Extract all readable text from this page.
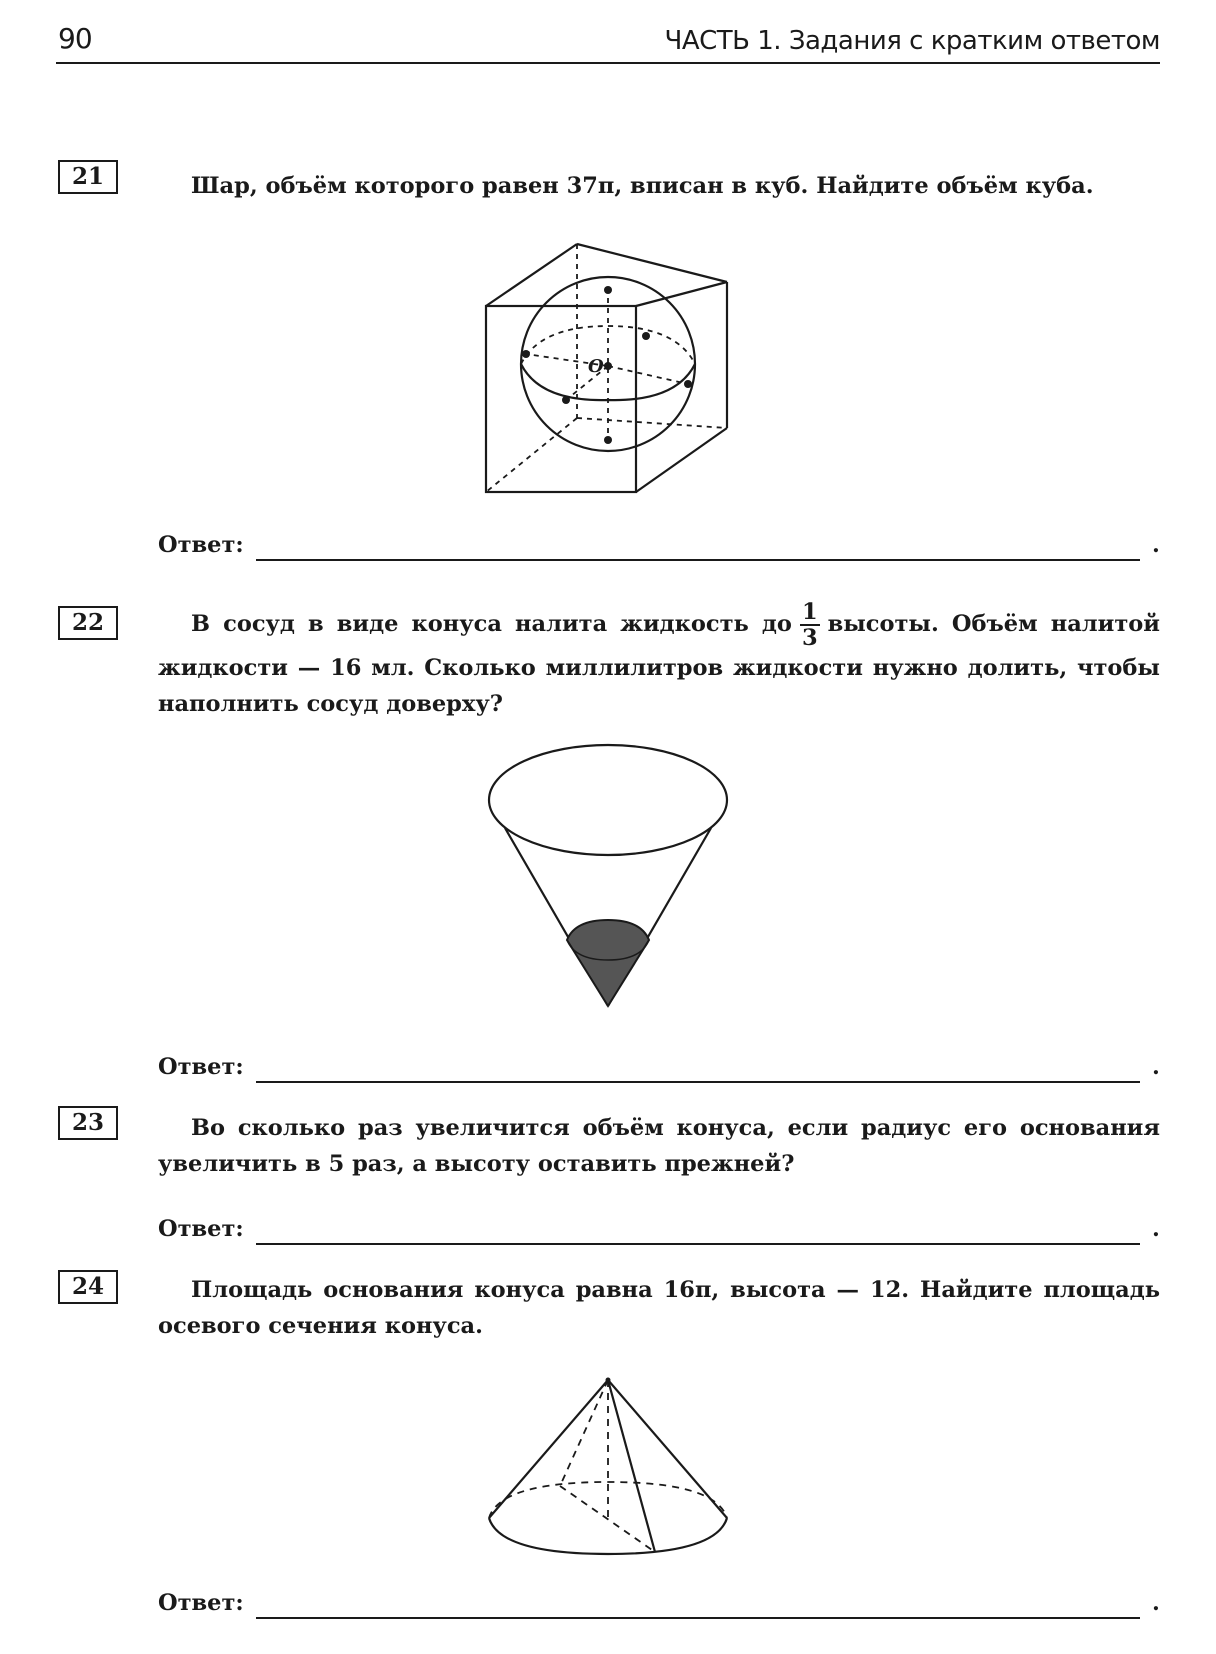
90	ЧАСТЬ 1. Задания с кратким ответом
21	Шар, объём которого равен 37π, вписан в куб. Найдите объём куба.
O
Ответ:	.
22	В сосуд в виде конуса налита жидкость до $\frac{1}{3}$ высоты. Объём налитой жидкости — 16 мл. Сколько миллилитров жидкости нужно долить, чтобы наполнить сосуд доверху?
Ответ:	.
23	Во сколько раз увеличится объём конуса, если радиус его основания увеличить в 5 раз, а высоту оставить прежней?
Ответ:	.
24	Площадь основания конуса равна 16π, высота — 12. Найдите площадь осевого сечения конуса.
Ответ:	.
